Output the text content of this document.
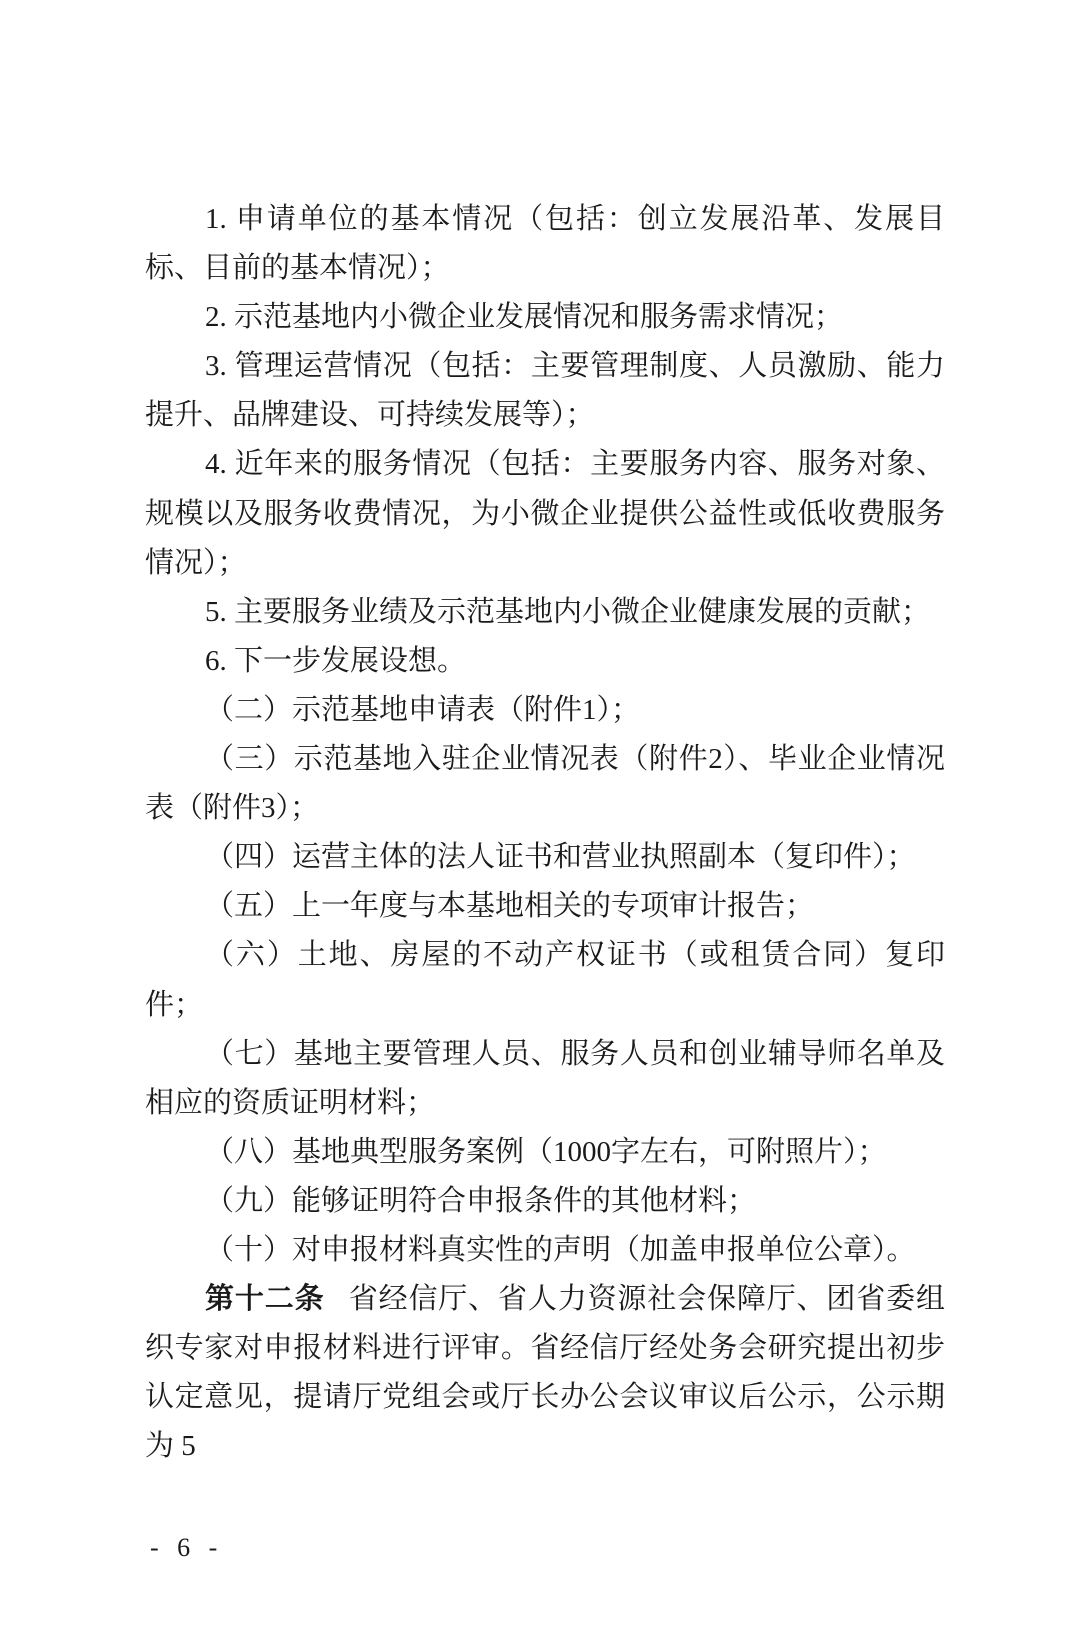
1. 申请单位的基本情况（包括：创立发展沿革、发展目标、目前的基本情况）；

2. 示范基地内小微企业发展情况和服务需求情况；

3. 管理运营情况（包括：主要管理制度、人员激励、能力提升、品牌建设、可持续发展等）；

4. 近年来的服务情况（包括：主要服务内容、服务对象、规模以及服务收费情况，为小微企业提供公益性或低收费服务情况）；

5. 主要服务业绩及示范基地内小微企业健康发展的贡献；

6. 下一步发展设想。

（二）示范基地申请表（附件1）；

（三）示范基地入驻企业情况表（附件2）、毕业企业情况表（附件3）；

（四）运营主体的法人证书和营业执照副本（复印件）；

（五）上一年度与本基地相关的专项审计报告；

（六）土地、房屋的不动产权证书（或租赁合同）复印件；

（七）基地主要管理人员、服务人员和创业辅导师名单及相应的资质证明材料；

（八）基地典型服务案例（1000字左右，可附照片）；

（九）能够证明符合申报条件的其他材料；

（十）对申报材料真实性的声明（加盖申报单位公章）。

第十二条 省经信厅、省人力资源社会保障厅、团省委组织专家对申报材料进行评审。省经信厅经处务会研究提出初步认定意见，提请厅党组会或厅长办公会议审议后公示，公示期为 5

- 6 -
